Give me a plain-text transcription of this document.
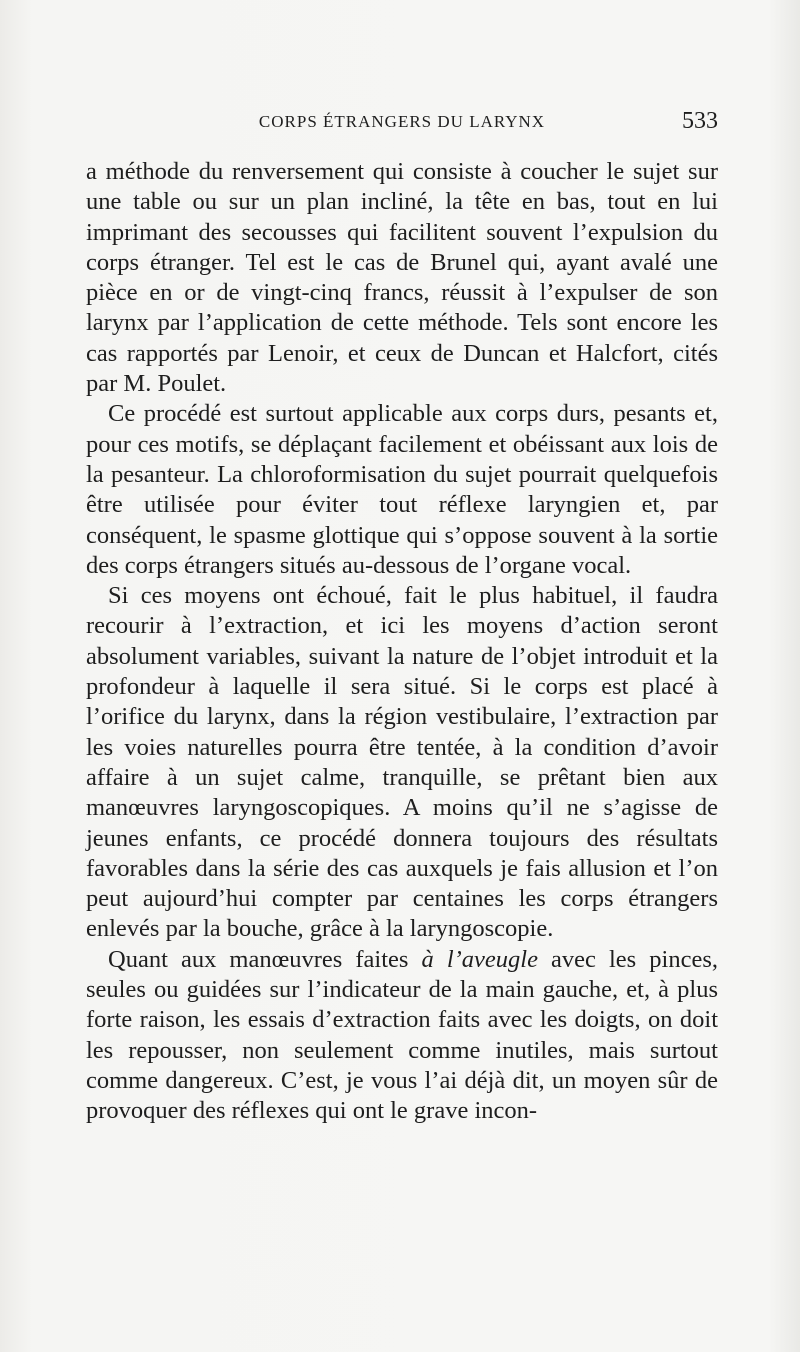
CORPS ÉTRANGERS DU LARYNX	533

a méthode du renversement qui consiste à coucher le sujet sur une table ou sur un plan incliné, la tête en bas, tout en lui imprimant des secousses qui facilitent souvent l’expulsion du corps étranger. Tel est le cas de Brunel qui, ayant avalé une pièce en or de vingt-cinq francs, réussit à l’expulser de son larynx par l’application de cette méthode. Tels sont encore les cas rapportés par Lenoir, et ceux de Duncan et Halcfort, cités par M. Poulet.

Ce procédé est surtout applicable aux corps durs, pesants et, pour ces motifs, se déplaçant facilement et obéissant aux lois de la pesanteur. La chloroformisation du sujet pourrait quelquefois être utilisée pour éviter tout réflexe laryngien et, par conséquent, le spasme glottique qui s’oppose souvent à la sortie des corps étrangers situés au-dessous de l’organe vocal.

Si ces moyens ont échoué, fait le plus habituel, il faudra recourir à l’extraction, et ici les moyens d’action seront absolument variables, suivant la nature de l’objet introduit et la profondeur à laquelle il sera situé. Si le corps est placé à l’orifice du larynx, dans la région vestibulaire, l’extraction par les voies naturelles pourra être tentée, à la condition d’avoir affaire à un sujet calme, tranquille, se prêtant bien aux manœuvres laryngoscopiques. A moins qu’il ne s’agisse de jeunes enfants, ce procédé donnera toujours des résultats favorables dans la série des cas auxquels je fais allusion et l’on peut aujourd’hui compter par centaines les corps étrangers enlevés par la bouche, grâce à la laryngoscopie.

Quant aux manœuvres faites à l’aveugle avec les pinces, seules ou guidées sur l’indicateur de la main gauche, et, à plus forte raison, les essais d’extraction faits avec les doigts, on doit les repousser, non seulement comme inutiles, mais surtout comme dangereux. C’est, je vous l’ai déjà dit, un moyen sûr de provoquer des réflexes qui ont le grave incon-
